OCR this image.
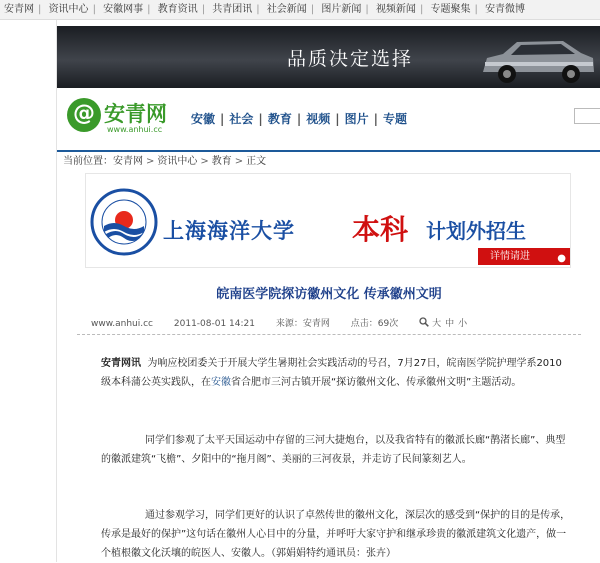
安青网 | 资讯中心 | 安徽网事 | 教育资讯 | 共青团讯 | 社会新闻 | 图片新闻 | 视频新闻 | 专题聚集 | 安青微博
品质决定选择
@ 安青网
www.anhui.cc
安徽 | 社会 | 教育 | 视频 | 图片 | 专题
当前位置：安青网 > 资讯中心 > 教育 > 正文
上海海洋大学 本科 计划外招生
详情请进	●
皖南医学院探访徽州文化 传承徽州文明
www.anhui.cc 2011-08-01 14:21 来源：安青网 点击：69次	大 中 小

安青网讯 为响应校团委关于开展大学生暑期社会实践活动的号召，7月27日，皖南医学院护理学系2010级本科蒲公英实践队，在安徽省合肥市三河古镇开展“探访徽州文化、传承徽州文明”主题活动。

同学们参观了太平天国运动中存留的三河大捷炮台，以及我省特有的徽派长廊“鹊渚长廊”、典型的徽派建筑“飞檐”、夕阳中的“拖月阁”、美丽的三河夜景，并走访了民间篆刻艺人。

通过参观学习，同学们更好的认识了卓然传世的徽州文化，深层次的感受到“保护的目的是传承，传承是最好的保护”这句话在徽州人心目中的分量，并呼吁大家守护和继承珍贵的徽派建筑文化遗产，做一个植根徽文化沃壤的皖医人、安徽人。（郭娟娟特约通讯员：张卉）
